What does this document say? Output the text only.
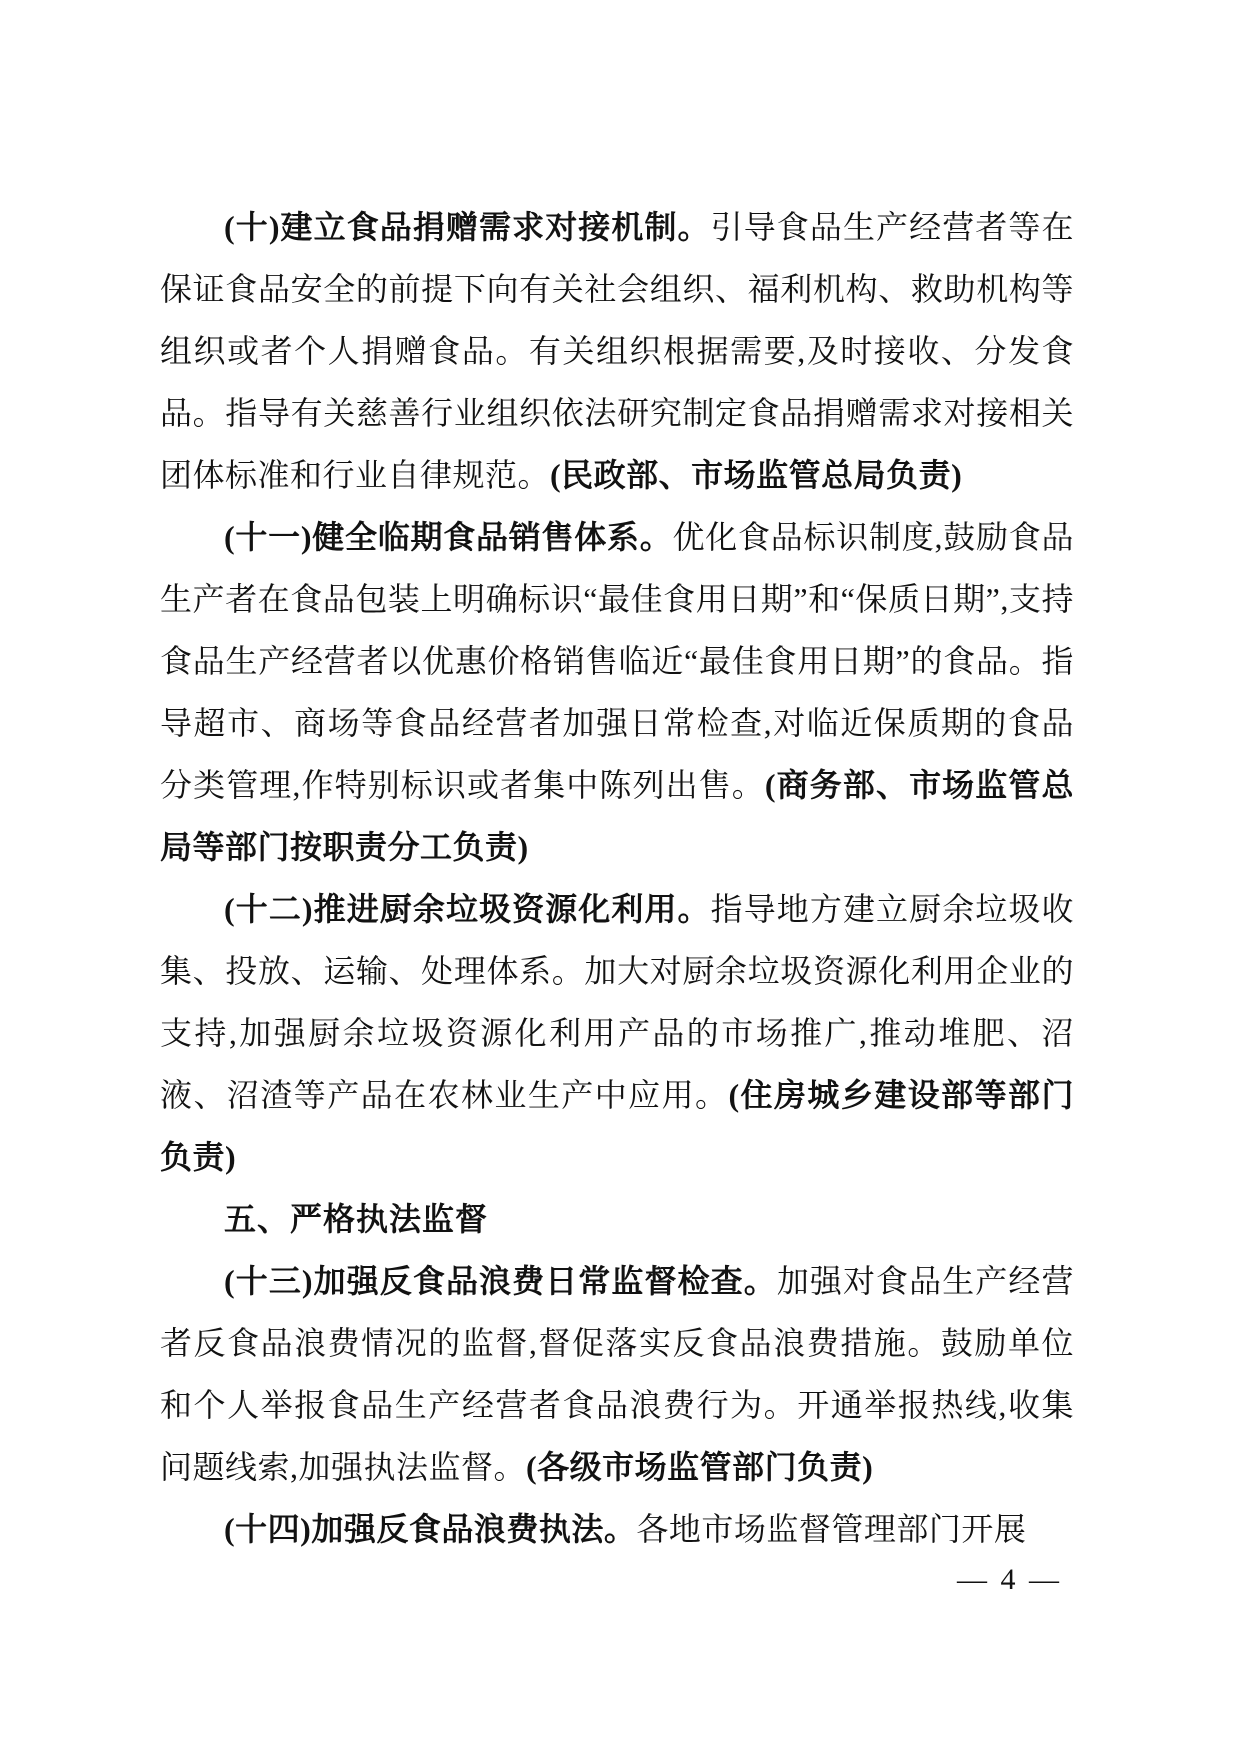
(十)建立食品捐赠需求对接机制。引导食品生产经营者等在保证食品安全的前提下向有关社会组织、福利机构、救助机构等组织或者个人捐赠食品。有关组织根据需要,及时接收、分发食品。指导有关慈善行业组织依法研究制定食品捐赠需求对接相关团体标准和行业自律规范。(民政部、市场监管总局负责)

(十一)健全临期食品销售体系。优化食品标识制度,鼓励食品生产者在食品包装上明确标识“最佳食用日期”和“保质日期”,支持食品生产经营者以优惠价格销售临近“最佳食用日期”的食品。指导超市、商场等食品经营者加强日常检查,对临近保质期的食品分类管理,作特别标识或者集中陈列出售。(商务部、市场监管总局等部门按职责分工负责)

(十二)推进厨余垃圾资源化利用。指导地方建立厨余垃圾收集、投放、运输、处理体系。加大对厨余垃圾资源化利用企业的支持,加强厨余垃圾资源化利用产品的市场推广,推动堆肥、沼液、沼渣等产品在农林业生产中应用。(住房城乡建设部等部门负责)

五、严格执法监督

(十三)加强反食品浪费日常监督检查。加强对食品生产经营者反食品浪费情况的监督,督促落实反食品浪费措施。鼓励单位和个人举报食品生产经营者食品浪费行为。开通举报热线,收集问题线索,加强执法监督。(各级市场监管部门负责)

(十四)加强反食品浪费执法。各地市场监督管理部门开展

— 4 —
